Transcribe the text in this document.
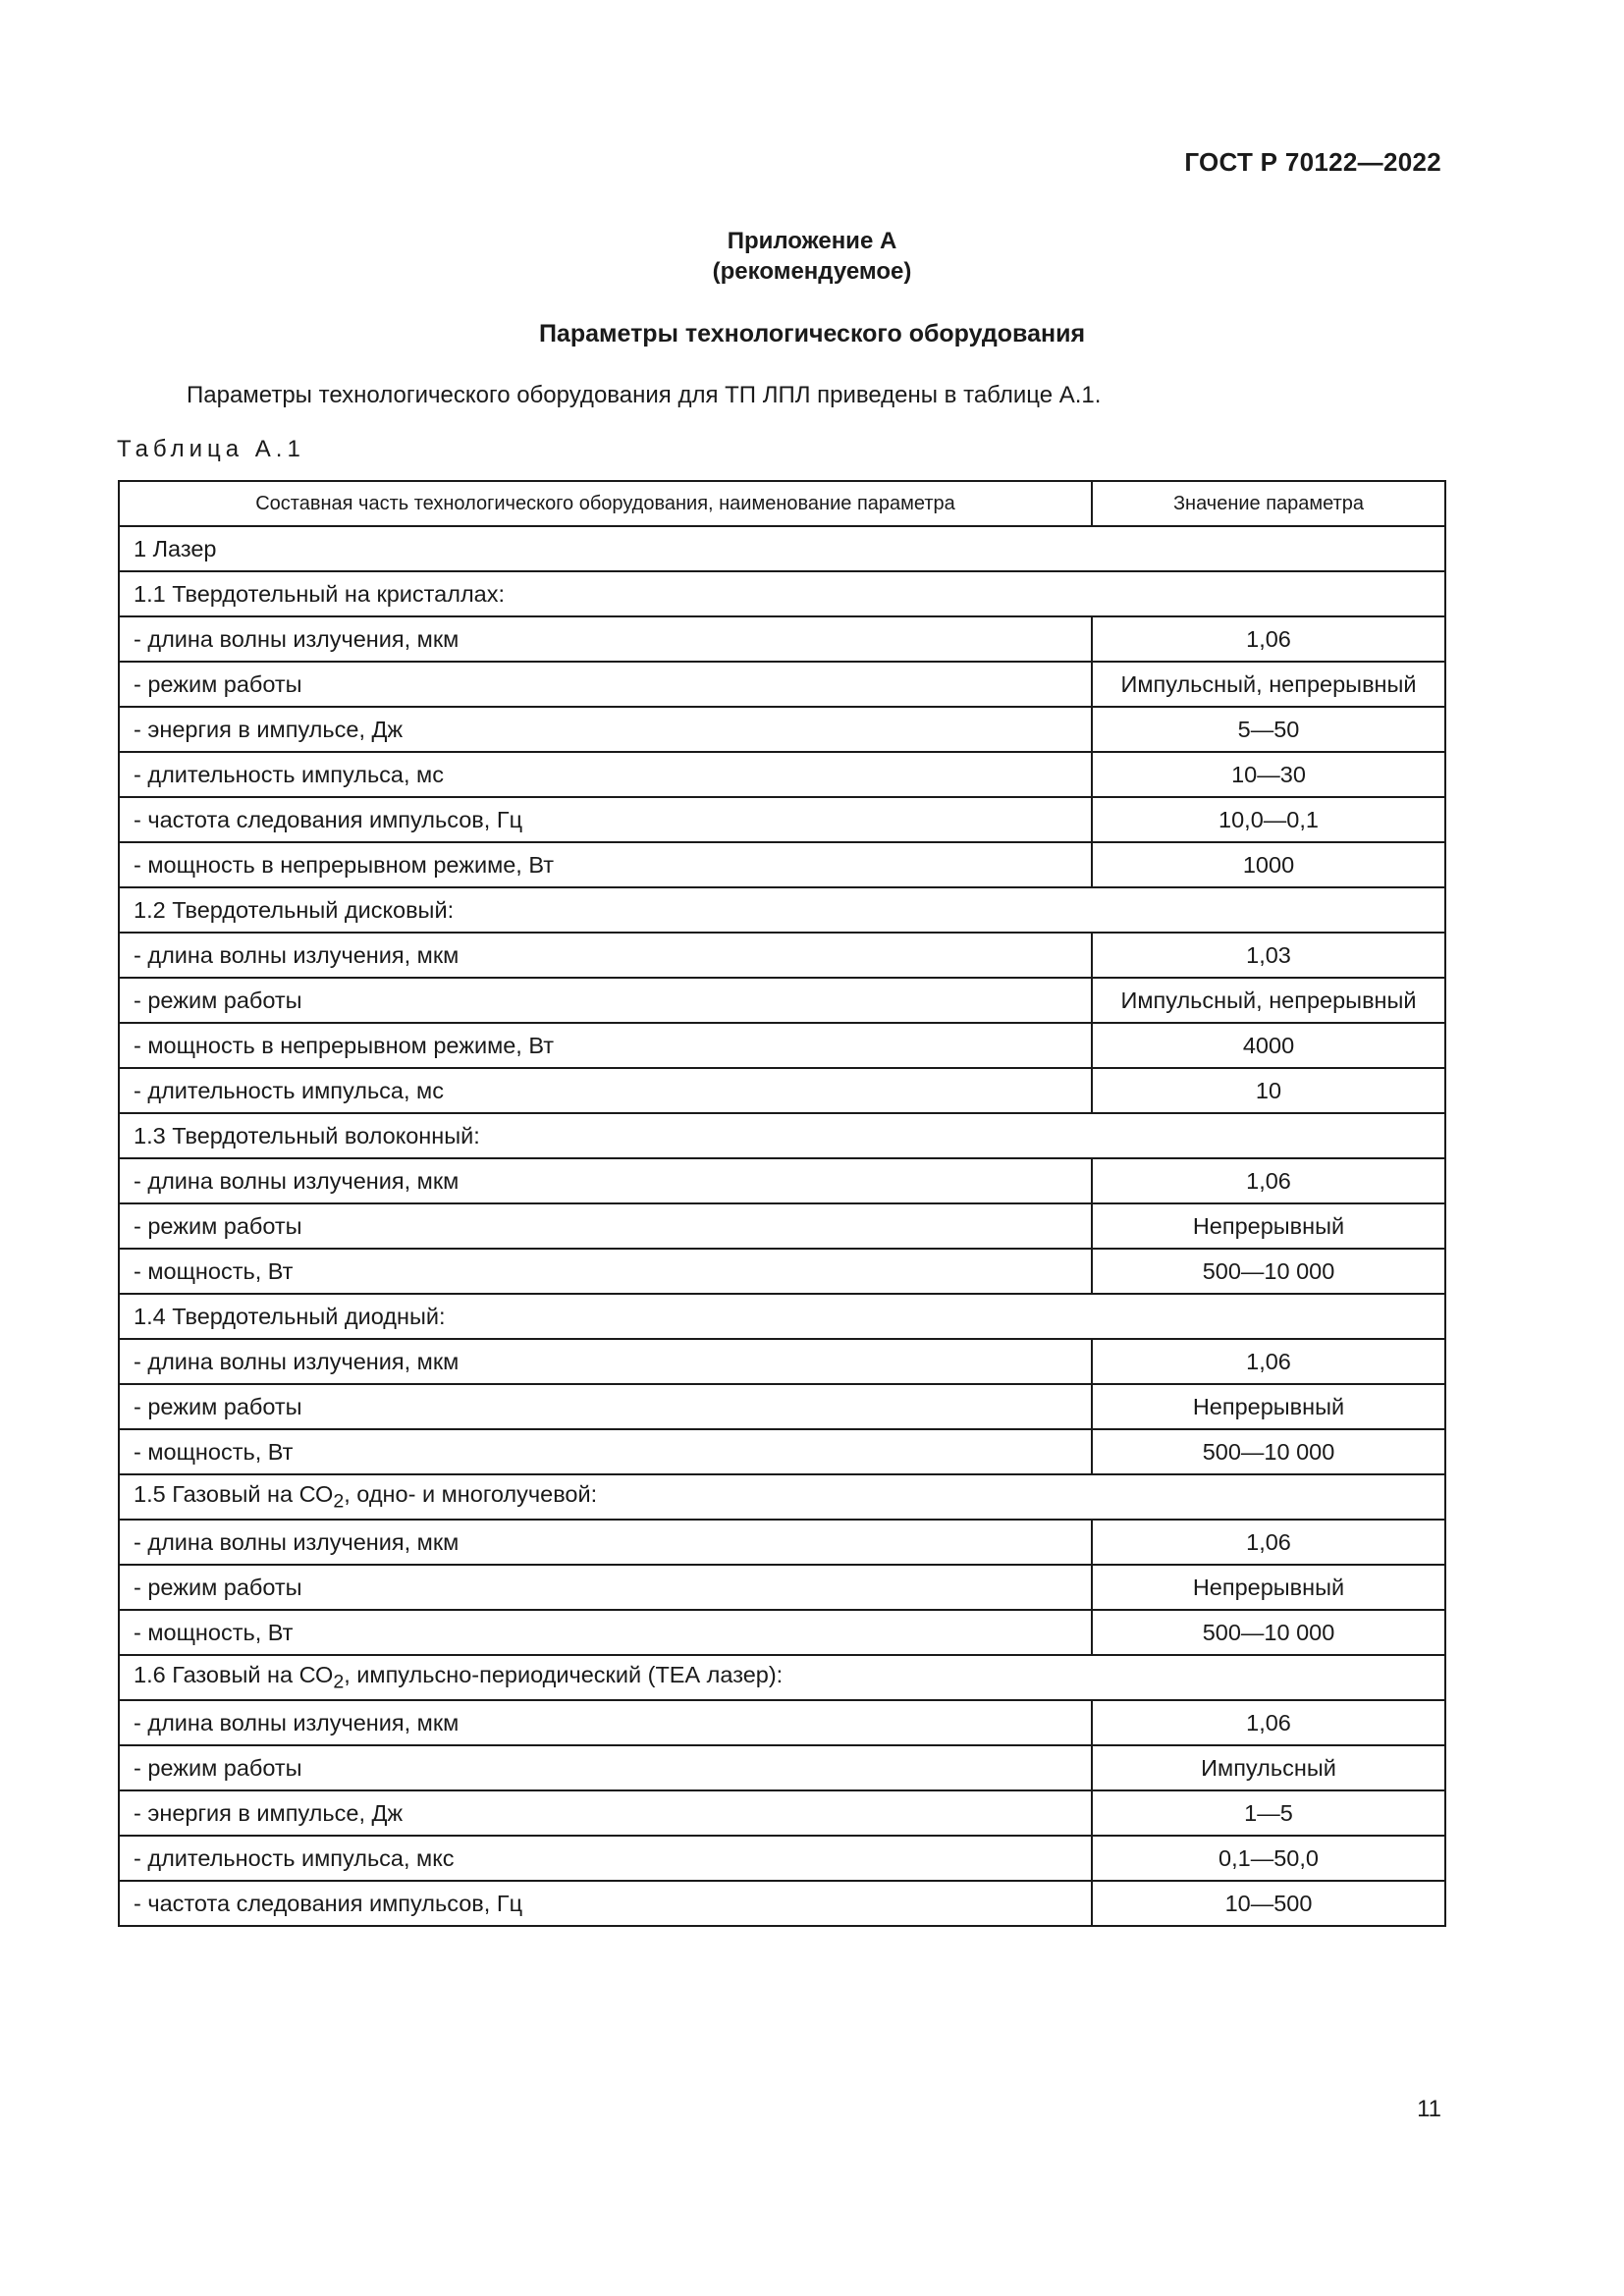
ГОСТ Р 70122—2022
Приложение А
(рекомендуемое)
Параметры технологического оборудования
Параметры технологического оборудования для ТП ЛПЛ приведены в таблице А.1.
Таблица А.1
Составная часть технологического оборудования, наименование параметра	Значение параметра
1 Лазер	
1.1 Твердотельный на кристаллах:	
- длина волны излучения, мкм	1,06
- режим работы	Импульсный, непрерывный
- энергия в импульсе, Дж	5—50
- длительность импульса, мс	10—30
- частота следования импульсов, Гц	10,0—0,1
- мощность в непрерывном режиме, Вт	1000
1.2 Твердотельный дисковый:	
- длина волны излучения, мкм	1,03
- режим работы	Импульсный, непрерывный
- мощность в непрерывном режиме, Вт	4000
- длительность импульса, мс	10
1.3 Твердотельный волоконный:	
- длина волны излучения, мкм	1,06
- режим работы	Непрерывный
- мощность, Вт	500—10 000
1.4 Твердотельный диодный:	
- длина волны излучения, мкм	1,06
- режим работы	Непрерывный
- мощность, Вт	500—10 000
1.5 Газовый на $СО_2$, одно- и многолучевой:	
- длина волны излучения, мкм	1,06
- режим работы	Непрерывный
- мощность, Вт	500—10 000
1.6 Газовый на $СО_2$, импульсно-периодический (ТЕА лазер):	
- длина волны излучения, мкм	1,06
- режим работы	Импульсный
- энергия в импульсе, Дж	1—5
- длительность импульса, мкс	0,1—50,0
- частота следования импульсов, Гц	10—500
11
